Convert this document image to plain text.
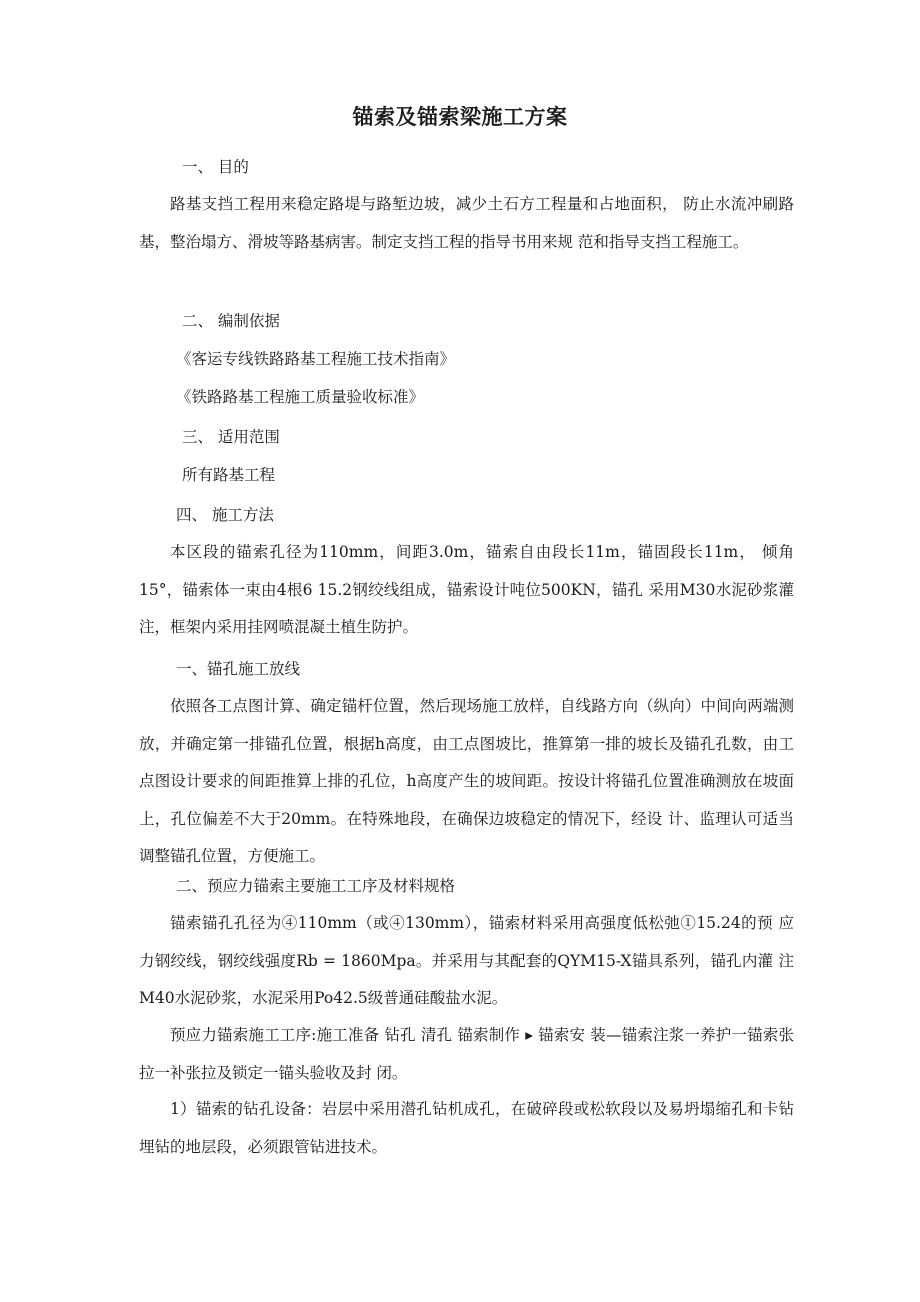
锚索及锚索梁施工方案
一、 目的
路基支挡工程用来稳定路堤与路堑边坡，减少土石方工程量和占地面积， 防止水流冲刷路基，整治塌方、滑坡等路基病害。制定支挡工程的指导书用来规 范和指导支挡工程施工。
二、 编制依据
《客运专线铁路路基工程施工技术指南》
《铁路路基工程施工质量验收标准》
三、 适用范围
所有路基工程
四、 施工方法
本区段的锚索孔径为110mm，间距3.0m，锚索自由段长11m，锚固段长11m， 倾角15°，锚索体一束由4根6 15.2钢绞线组成，锚索设计吨位500KN，锚孔 采用M30水泥砂浆灌注，框架内采用挂网喷混凝土植生防护。
一、锚孔施工放线
依照各工点图计算、确定锚杆位置，然后现场施工放样，自线路方向（纵向）中间向两端测放，并确定第一排锚孔位置，根据h高度，由工点图坡比，推算第一排的坡长及锚孔孔数，由工点图设计要求的间距推算上排的孔位，h高度产生的坡间距。按设计将锚孔位置准确测放在坡面上，孔位偏差不大于20mm。在特殊地段，在确保边坡稳定的情况下，经设 计、监理认可适当调整锚孔位置，方便施工。
二、预应力锚索主要施工工序及材料规格
锚索锚孔孔径为④110mm（或④130mm），锚索材料采用高强度低松弛①15.24的预 应力钢绞线，钢绞线强度Rb = 1860Mpa。并采用与其配套的QYM15-X锚具系列，锚孔内灌 注M40水泥砂浆，水泥采用Po42.5级普通硅酸盐水泥。
预应力锚索施工工序:施工准备 钻孔 清孔 锚索制作 ▸ 锚索安 装—锚索注浆一养护一锚索张拉一补张拉及锁定一锚头验收及封 闭。
1）锚索的钻孔设备：岩层中采用潜孔钻机成孔，在破碎段或松软段以及易坍塌缩孔和卡钻埋钻的地层段，必须跟管钻进技术。
